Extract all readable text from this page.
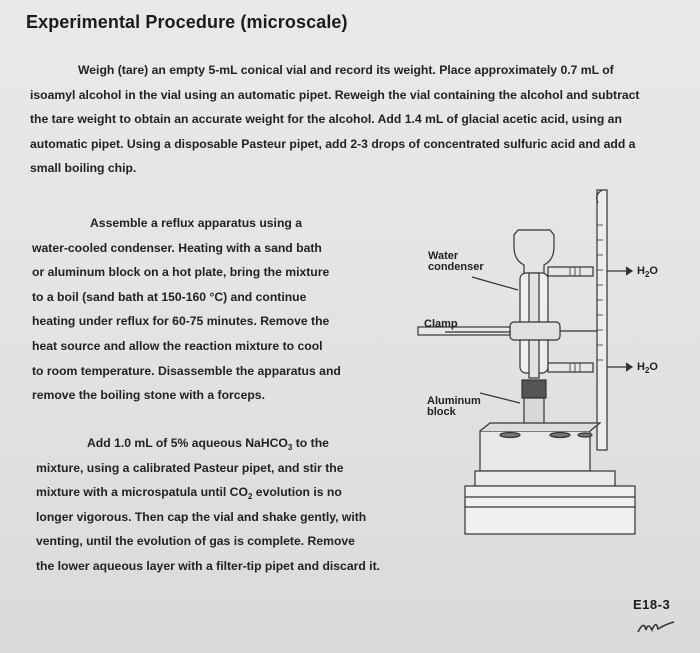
Experimental Procedure (microscale)
Weigh (tare) an empty 5-mL conical vial and record its weight. Place approximately 0.7 mL of
isoamyl alcohol in the vial using an automatic pipet. Reweigh the vial containing the alcohol and subtract
the tare weight to obtain an accurate weight for the alcohol. Add 1.4 mL of glacial acetic acid, using an
automatic pipet. Using a disposable Pasteur pipet, add 2-3 drops of concentrated sulfuric acid and add a
small boiling chip.
Assemble a reflux apparatus using a
water-cooled condenser. Heating with a sand bath
or aluminum block on a hot plate, bring the mixture
to a boil (sand bath at 150-160 °C) and continue
heating under reflux for 60-75 minutes. Remove the
heat source and allow the reaction mixture to cool
to room temperature. Disassemble the apparatus and
remove the boiling stone with a forceps.
Add 1.0 mL of 5% aqueous NaHCO$_3$ to the
mixture, using a calibrated Pasteur pipet, and stir the
mixture with a microspatula until $CO_2$ evolution is no
longer vigorous. Then cap the vial and shake gently, with
venting, until the evolution of gas is complete. Remove
the lower aqueous layer with a filter-tip pipet and discard it.
Water
condenser
Clamp
Aluminum
block
$H_2O$
$H_2O$
E18-3
